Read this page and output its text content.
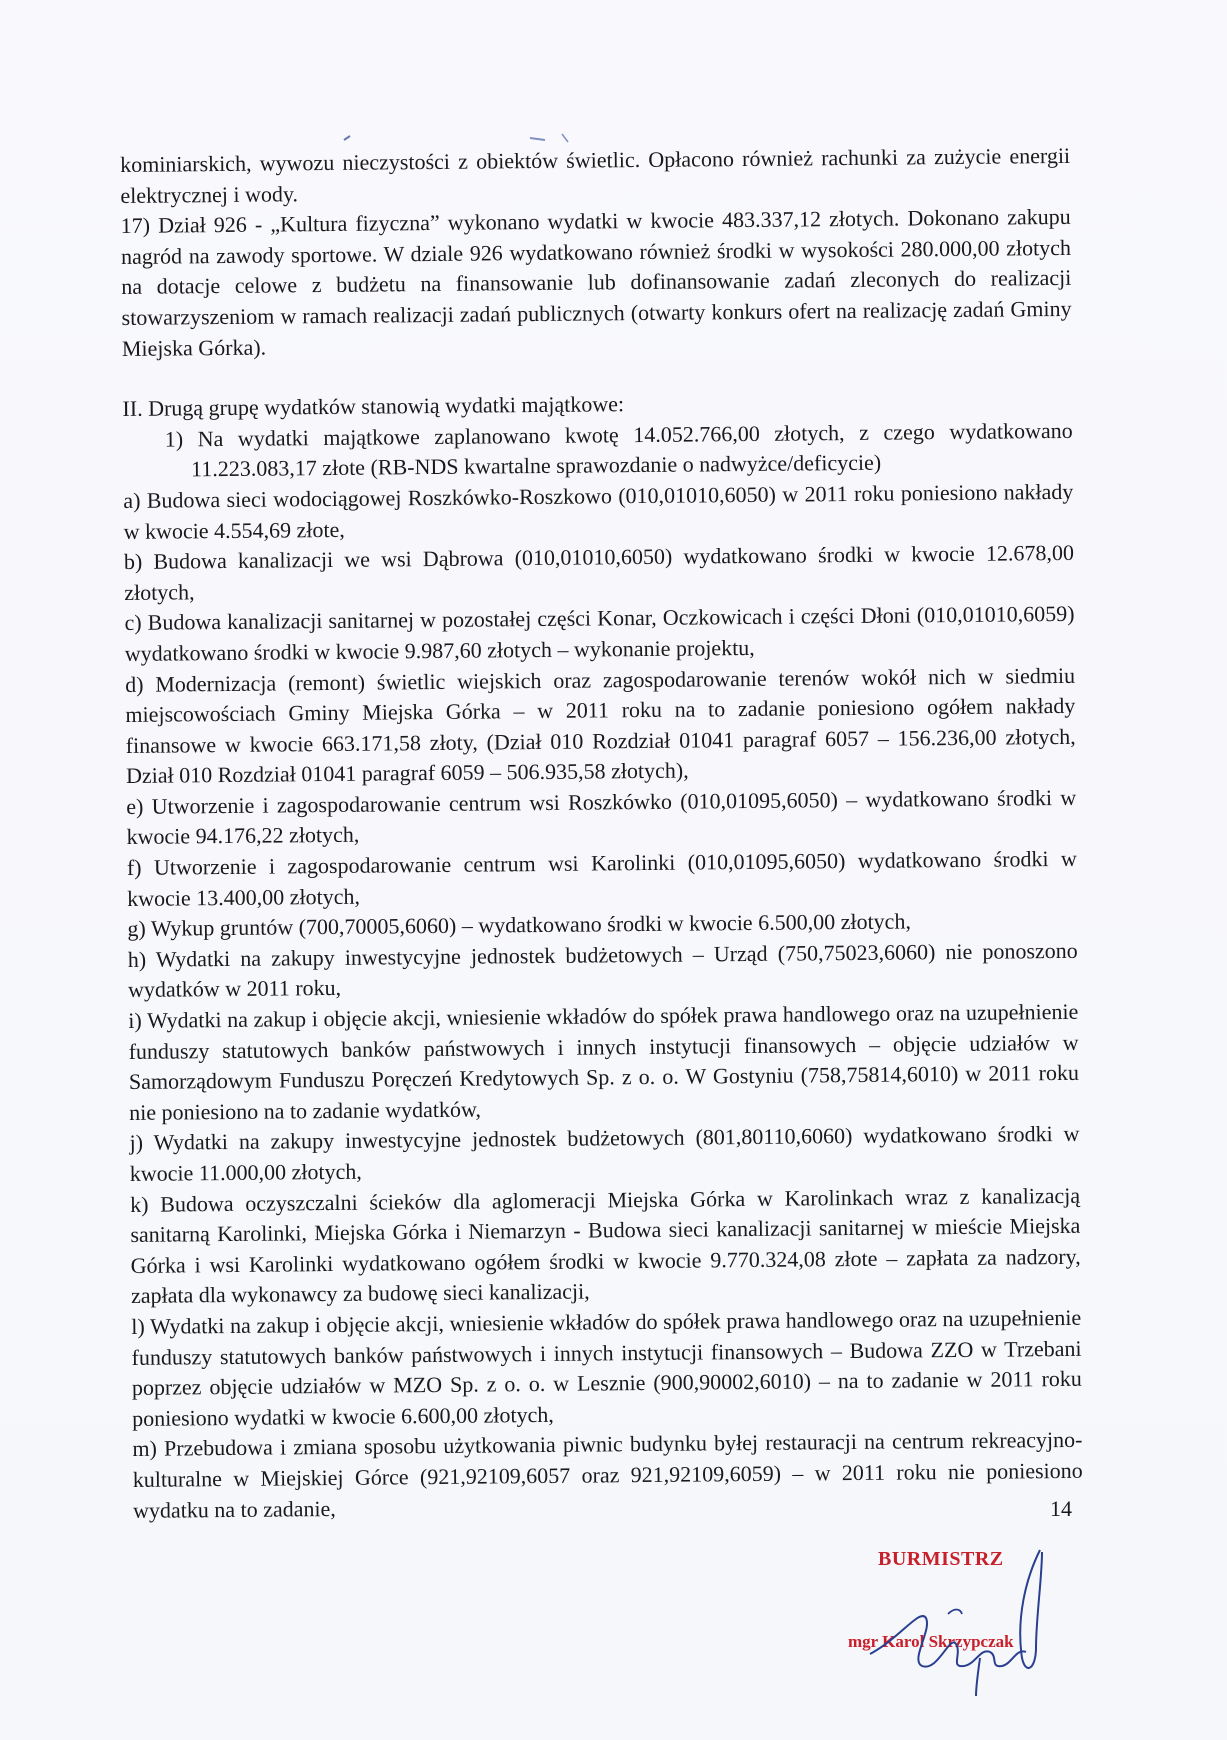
kominiarskich, wywozu nieczystości z obiektów świetlic. Opłacono również rachunki za zużycie energii elektrycznej i wody.

17) Dział 926 - „Kultura fizyczna” wykonano wydatki w kwocie 483.337,12 złotych. Dokonano zakupu nagród na zawody sportowe. W dziale 926 wydatkowano również środki w wysokości 280.000,00 złotych na dotacje celowe z budżetu na finansowanie lub dofinansowanie zadań zleconych do realizacji stowarzyszeniom w ramach realizacji zadań publicznych (otwarty konkurs ofert na realizację zadań Gminy Miejska Górka).

II. Drugą grupę wydatków stanowią wydatki majątkowe:

1) Na wydatki majątkowe zaplanowano kwotę 14.052.766,00 złotych, z czego wydatkowano 11.223.083,17 złote (RB-NDS kwartalne sprawozdanie o nadwyżce/deficycie)

a) Budowa sieci wodociągowej Roszkówko-Roszkowo (010,01010,6050) w 2011 roku poniesiono nakłady w kwocie 4.554,69 złote,

b) Budowa kanalizacji we wsi Dąbrowa (010,01010,6050) wydatkowano środki w kwocie 12.678,00 złotych,

c) Budowa kanalizacji sanitarnej w pozostałej części Konar, Oczkowicach i części Dłoni (010,01010,6059) wydatkowano środki w kwocie 9.987,60 złotych – wykonanie projektu,

d) Modernizacja (remont) świetlic wiejskich oraz zagospodarowanie terenów wokół nich w siedmiu miejscowościach Gminy Miejska Górka – w 2011 roku na to zadanie poniesiono ogółem nakłady finansowe w kwocie 663.171,58 złoty, (Dział 010 Rozdział 01041 paragraf 6057 – 156.236,00 złotych, Dział 010 Rozdział 01041 paragraf 6059 – 506.935,58 złotych),

e) Utworzenie i zagospodarowanie centrum wsi Roszkówko (010,01095,6050) – wydatkowano środki w kwocie 94.176,22 złotych,

f) Utworzenie i zagospodarowanie centrum wsi Karolinki (010,01095,6050) wydatkowano środki w kwocie 13.400,00 złotych,

g) Wykup gruntów (700,70005,6060) – wydatkowano środki w kwocie 6.500,00 złotych,

h) Wydatki na zakupy inwestycyjne jednostek budżetowych – Urząd (750,75023,6060) nie ponoszono wydatków w 2011 roku,

i) Wydatki na zakup i objęcie akcji, wniesienie wkładów do spółek prawa handlowego oraz na uzupełnienie funduszy statutowych banków państwowych i innych instytucji finansowych – objęcie udziałów w Samorządowym Funduszu Poręczeń Kredytowych Sp. z o. o. W Gostyniu (758,75814,6010) w 2011 roku nie poniesiono na to zadanie wydatków,

j) Wydatki na zakupy inwestycyjne jednostek budżetowych (801,80110,6060) wydatkowano środki w kwocie 11.000,00 złotych,

k) Budowa oczyszczalni ścieków dla aglomeracji Miejska Górka w Karolinkach wraz z kanalizacją sanitarną Karolinki, Miejska Górka i Niemarzyn - Budowa sieci kanalizacji sanitarnej w mieście Miejska Górka i wsi Karolinki wydatkowano ogółem środki w kwocie 9.770.324,08 złote – zapłata za nadzory, zapłata dla wykonawcy za budowę sieci kanalizacji,

l) Wydatki na zakup i objęcie akcji, wniesienie wkładów do spółek prawa handlowego oraz na uzupełnienie funduszy statutowych banków państwowych i innych instytucji finansowych – Budowa ZZO w Trzebani poprzez objęcie udziałów w MZO Sp. z o. o. w Lesznie (900,90002,6010) – na to zadanie w 2011 roku poniesiono wydatki w kwocie 6.600,00 złotych,

m) Przebudowa i zmiana sposobu użytkowania piwnic budynku byłej restauracji na centrum rekreacyjno-kulturalne w Miejskiej Górce (921,92109,6057 oraz 921,92109,6059) – w 2011 roku nie poniesiono wydatku na to zadanie,	14
BURMISTRZ
mgr Karol Skrzypczak
